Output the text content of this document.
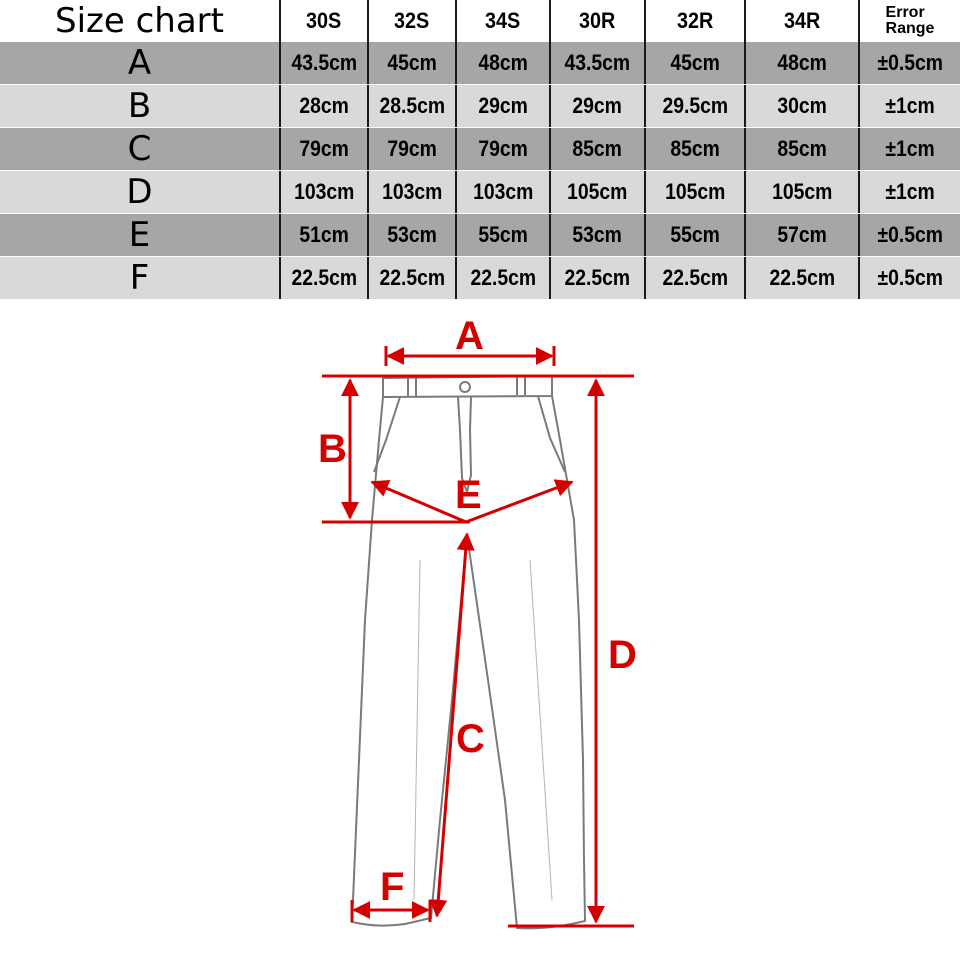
Size chart	30S	32S	34S	30R	32R	34R	Error
Range
A	43.5cm	45cm	48cm	43.5cm	45cm	48cm	±0.5cm

B	28cm	28.5cm	29cm	29cm	29.5cm	30cm	±1cm

C	79cm	79cm	79cm	85cm	85cm	85cm	±1cm

D	103cm	103cm	103cm	105cm	105cm	105cm	±1cm

E	51cm	53cm	55cm	53cm	55cm	57cm	±0.5cm

F	22.5cm	22.5cm	22.5cm	22.5cm	22.5cm	22.5cm	±0.5cm
A
B
E
D
C
F
